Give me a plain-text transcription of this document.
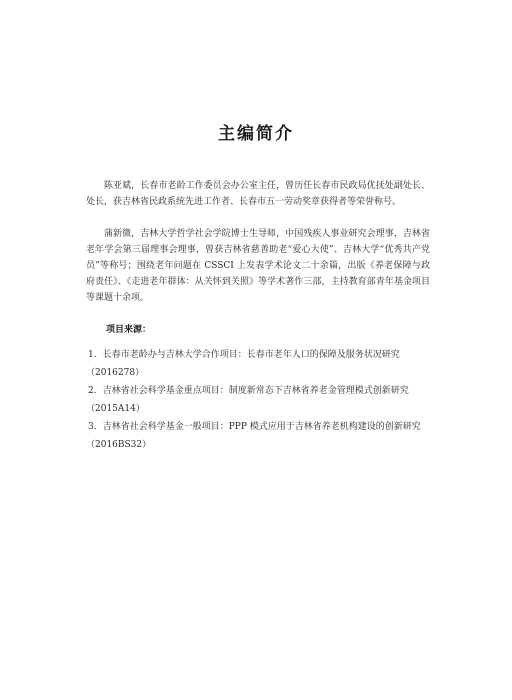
主编简介

陈亚斌，长春市老龄工作委员会办公室主任，曾历任长春市民政局优抚处副处长、处长，获吉林省民政系统先进工作者、长春市五一劳动奖章获得者等荣誉称号。

蒲新微，吉林大学哲学社会学院博士生导师，中国残疾人事业研究会理事，吉林省老年学会第三届理事会理事，曾获吉林省慈善助老“爱心大使”、吉林大学“优秀共产党员”等称号；围绕老年问题在 CSSCI 上发表学术论文二十余篇，出版《养老保障与政府责任》、《走进老年群体：从关怀到关照》等学术著作三部，主持教育部青年基金项目等课题十余项。

项目来源：

1．长春市老龄办与吉林大学合作项目：长春市老年人口的保障及服务状况研究
（2016278）

2．吉林省社会科学基金重点项目：制度新常态下吉林省养老金管理模式创新研究
（2015A14）

3．吉林省社会科学基金一般项目：PPP 模式应用于吉林省养老机构建设的创新研究
（2016BS32）
